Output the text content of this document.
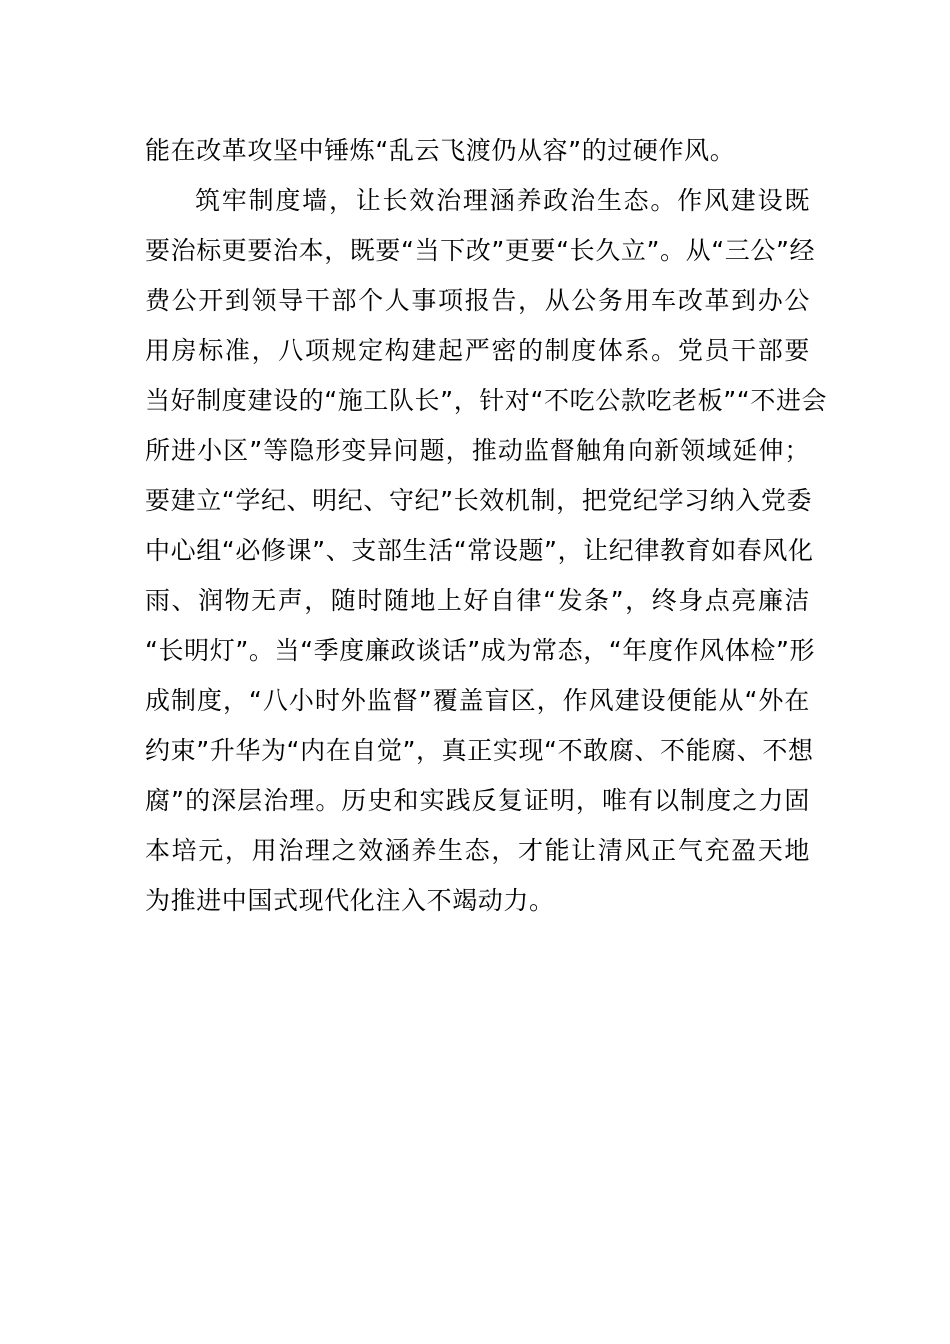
能在改革攻坚中锤炼“乱云飞渡仍从容”的过硬作风。
筑牢制度墙，让长效治理涵养政治生态。作风建设既
要治标更要治本，既要“当下改”更要“长久立”。从“三公”经
费公开到领导干部个人事项报告，从公务用车改革到办公
用房标准，八项规定构建起严密的制度体系。党员干部要
当好制度建设的“施工队长”，针对“不吃公款吃老板”“不进会
所进小区”等隐形变异问题，推动监督触角向新领域延伸；
要建立“学纪、明纪、守纪”长效机制，把党纪学习纳入党委
中心组“必修课”、支部生活“常设题”，让纪律教育如春风化
雨、润物无声，随时随地上好自律“发条”，终身点亮廉洁
“长明灯”。当“季度廉政谈话”成为常态，“年度作风体检”形
成制度，“八小时外监督”覆盖盲区，作风建设便能从“外在
约束”升华为“内在自觉”，真正实现“不敢腐、不能腐、不想
腐”的深层治理。历史和实践反复证明，唯有以制度之力固
本培元，用治理之效涵养生态，才能让清风正气充盈天地
为推进中国式现代化注入不竭动力。
